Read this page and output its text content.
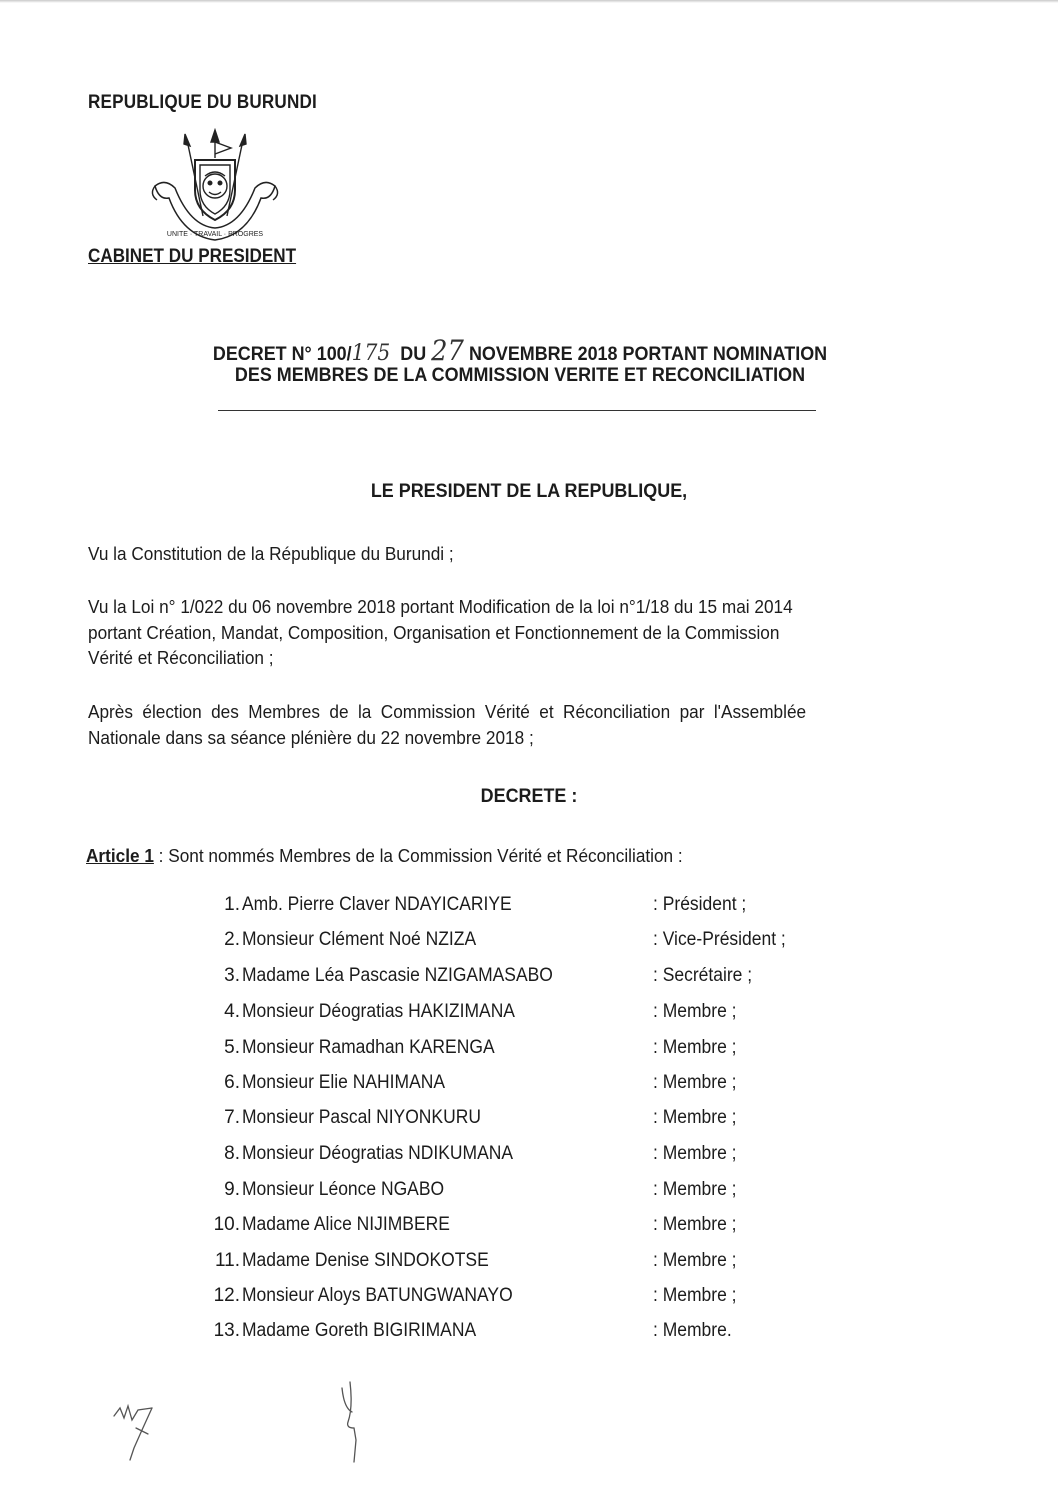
REPUBLIQUE DU BURUNDI
UNITE · TRAVAIL · PROGRES
CABINET DU PRESIDENT
DECRET N° 100/175 DU 27 NOVEMBRE 2018 PORTANT NOMINATION
DES MEMBRES DE LA COMMISSION VERITE ET RECONCILIATION
LE PRESIDENT DE LA REPUBLIQUE,
Vu la Constitution de la République du Burundi ;
Vu la Loi n° 1/022 du 06 novembre 2018 portant Modification de la loi n°1/18 du 15 mai 2014
portant Création, Mandat, Composition, Organisation et Fonctionnement de la Commission
Vérité et Réconciliation ;
Après élection des Membres de la Commission Vérité et Réconciliation par l'Assemblée
Nationale dans sa séance plénière du 22 novembre 2018 ;
DECRETE :
Article 1 : Sont nommés Membres de la Commission Vérité et Réconciliation :
1. Amb. Pierre Claver NDAYICARIYE	: Président ;
2. Monsieur Clément Noé NZIZA	: Vice-Président ;
3. Madame Léa Pascasie NZIGAMASABO	: Secrétaire ;
4. Monsieur Déogratias HAKIZIMANA	: Membre ;
5. Monsieur Ramadhan KARENGA	: Membre ;
6. Monsieur Elie NAHIMANA	: Membre ;
7. Monsieur Pascal NIYONKURU	: Membre ;
8. Monsieur Déogratias NDIKUMANA	: Membre ;
9. Monsieur Léonce NGABO	: Membre ;
10. Madame Alice NIJIMBERE	: Membre ;
11. Madame Denise SINDOKOTSE	: Membre ;
12. Monsieur Aloys BATUNGWANAYO	: Membre ;
13. Madame Goreth BIGIRIMANA	: Membre.
